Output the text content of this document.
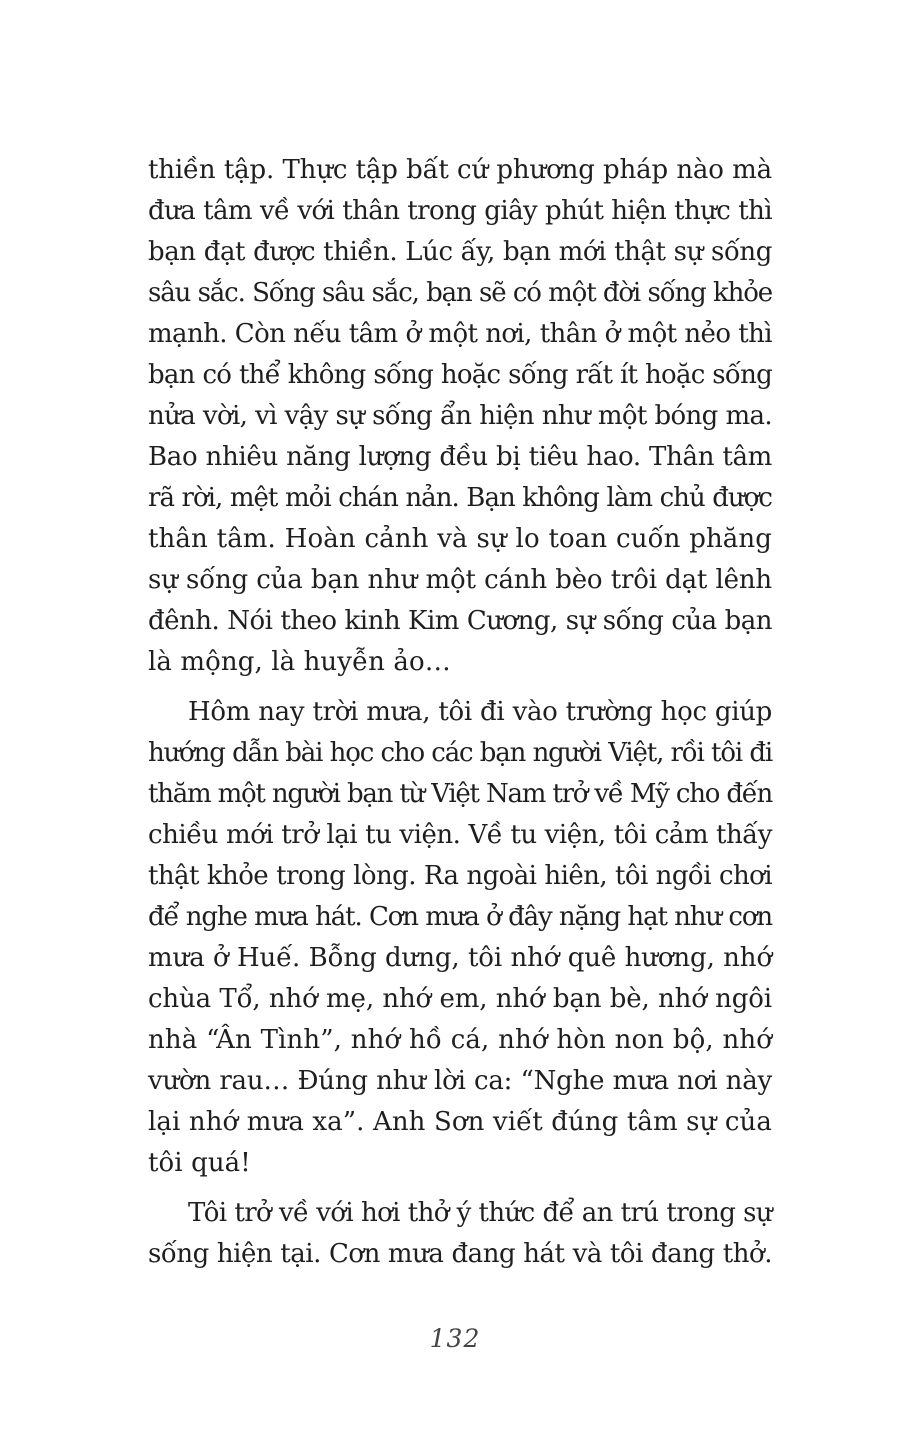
thiền tập. Thực tập bất cứ phương pháp nào mà
đưa tâm về với thân trong giây phút hiện thực thì
bạn đạt được thiền. Lúc ấy, bạn mới thật sự sống
sâu sắc. Sống sâu sắc, bạn sẽ có một đời sống khỏe
mạnh. Còn nếu tâm ở một nơi, thân ở một nẻo thì
bạn có thể không sống hoặc sống rất ít hoặc sống
nửa vời, vì vậy sự sống ẩn hiện như một bóng ma.
Bao nhiêu năng lượng đều bị tiêu hao. Thân tâm
rã rời, mệt mỏi chán nản. Bạn không làm chủ được
thân tâm. Hoàn cảnh và sự lo toan cuốn phăng
sự sống của bạn như một cánh bèo trôi dạt lênh
đênh. Nói theo kinh Kim Cương, sự sống của bạn
là mộng, là huyễn ảo…

Hôm nay trời mưa, tôi đi vào trường học giúp
hướng dẫn bài học cho các bạn người Việt, rồi tôi đi
thăm một người bạn từ Việt Nam trở về Mỹ cho đến
chiều mới trở lại tu viện. Về tu viện, tôi cảm thấy
thật khỏe trong lòng. Ra ngoài hiên, tôi ngồi chơi
để nghe mưa hát. Cơn mưa ở đây nặng hạt như cơn
mưa ở Huế. Bỗng dưng, tôi nhớ quê hương, nhớ
chùa Tổ, nhớ mẹ, nhớ em, nhớ bạn bè, nhớ ngôi
nhà “Ân Tình”, nhớ hồ cá, nhớ hòn non bộ, nhớ
vườn rau… Đúng như lời ca: “Nghe mưa nơi này
lại nhớ mưa xa”. Anh Sơn viết đúng tâm sự của
tôi quá!

Tôi trở về với hơi thở ý thức để an trú trong sự
sống hiện tại. Cơn mưa đang hát và tôi đang thở.

132
